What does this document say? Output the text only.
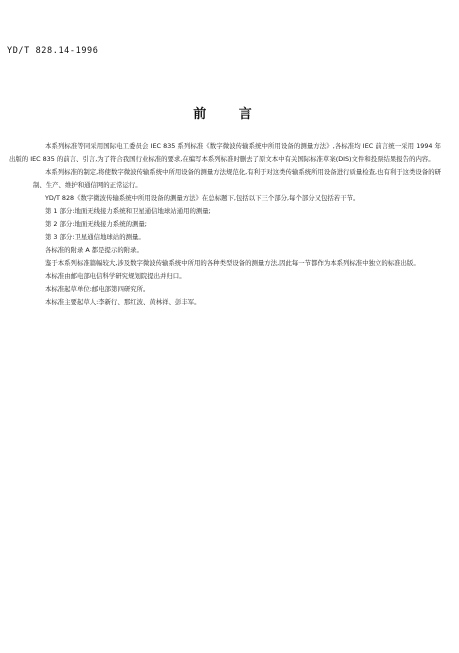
YD/T 828.14-1996
前 言

本系列标准等同采用国际电工委员会 IEC 835 系列标准《数字微波传输系统中所用设备的测量方法》,各标准均 IEC 前言统一采用 1994 年出版的 IEC 835 的前言、引言,为了符合我国行业标准的要求,在编写本系列标准时删去了原文本中有关国际标准草案(DIS)文件和投票结果报告的内容。

本系列标准的制定,将使数字微波传输系统中所用设备的测量方法规范化,有利于对这类传输系统所用设备进行质量检查,也有利于这类设备的研制、生产、维护和通信网的正常运行。

YD/T 828《数字微波传输系统中所用设备的测量方法》在总标题下,包括以下三个部分,每个部分又包括若干节。

第 1 部分:地面无线接力系统和卫星通信地球站通用的测量;

第 2 部分:地面无线接力系统的测量;

第 3 部分:卫星通信地球站的测量。

各标准的附录 A 都是提示的附录。

鉴于本系列标准篇幅较大,涉及数字微波传输系统中所用的各种类型设备的测量方法,因此每一节都作为本系列标准中独立的标准出版。

本标准由邮电部电信科学研究规划院提出并归口。

本标准起草单位:邮电部第四研究所。

本标准主要起草人:李新行、那红波、黄林祥、彭丰军。
